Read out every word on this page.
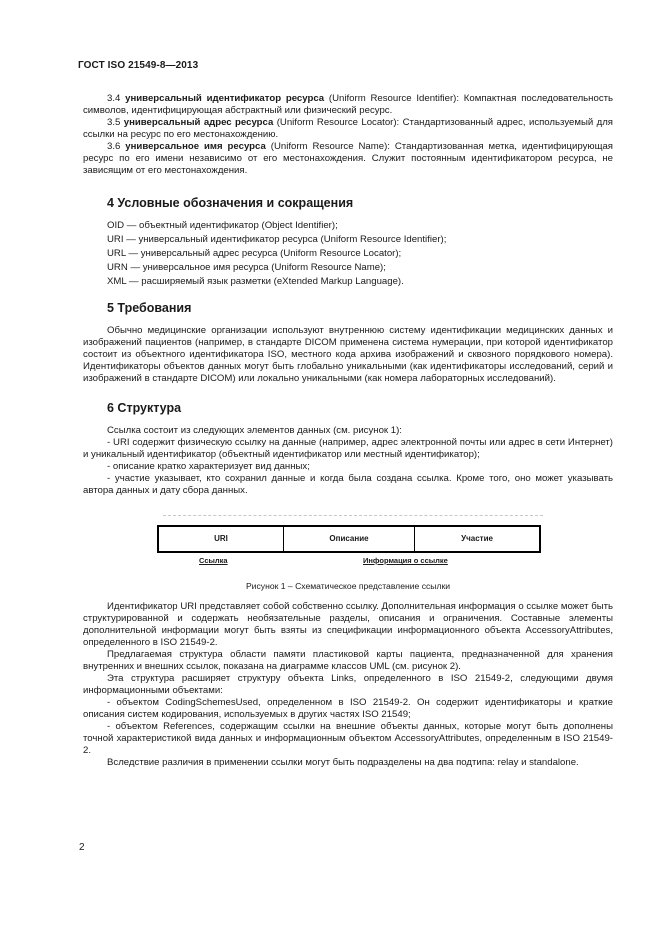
ГОСТ ISO 21549-8—2013

3.4 универсальный идентификатор ресурса (Uniform Resource Identifier): Компактная последовательность символов, идентифицирующая абстрактный или физический ресурс.

3.5 универсальный адрес ресурса (Uniform Resource Locator): Стандартизованный адрес, используемый для ссылки на ресурс по его местонахождению.

3.6 универсальное имя ресурса (Uniform Resource Name): Стандартизованная метка, идентифицирующая ресурс по его имени независимо от его местонахождения. Служит постоянным идентификатором ресурса, не зависящим от его местонахождения.

4 Условные обозначения и сокращения

OID — объектный идентификатор (Object Identifier);

URI — универсальный идентификатор ресурса (Uniform Resource Identifier);

URL — универсальный адрес ресурса (Uniform Resource Locator);

URN — универсальное имя ресурса (Uniform Resource Name);

XML — расширяемый язык разметки (eXtended Markup Language).

5 Требования

Обычно медицинские организации используют внутреннюю систему идентификации медицинских данных и изображений пациентов (например, в стандарте DICOM применена система нумерации, при которой идентификатор состоит из объектного идентификатора ISO, местного кода архива изображений и сквозного порядкового номера). Идентификаторы объектов данных могут быть глобально уникальными (как идентификаторы исследований, серий и изображений в стандарте DICOM) или локально уникальными (как номера лабораторных исследований).

6 Структура

Ссылка состоит из следующих элементов данных (см. рисунок 1):

- URI содержит физическую ссылку на данные (например, адрес электронной почты или адрес в сети Интернет) и уникальный идентификатор (объектный идентификатор или местный идентификатор);

- описание кратко характеризует вид данных;

- участие указывает, кто сохранил данные и когда была создана ссылка. Кроме того, оно может указывать автора данных и дату сбора данных.

URI	Описание	Участие
Ссылка	Информация о ссылке
Рисунок 1 – Схематическое представление ссылки

Идентификатор URI представляет собой собственно ссылку. Дополнительная информация о ссылке может быть структурированной и содержать необязательные разделы, описания и ограничения. Составные элементы дополнительной информации могут быть взяты из спецификации информационного объекта AccessoryAttributes, определенного в ISO 21549-2.

Предлагаемая структура области памяти пластиковой карты пациента, предназначенной для хранения внутренних и внешних ссылок, показана на диаграмме классов UML (см. рисунок 2).

Эта структура расширяет структуру объекта Links, определенного в ISO 21549-2, следующими двумя информационными объектами:

- объектом CodingSchemesUsed, определенном в ISO 21549-2. Он содержит идентификаторы и краткие описания систем кодирования, используемых в других частях ISO 21549;

- объектом References, содержащим ссылки на внешние объекты данных, которые могут быть дополнены точной характеристикой вида данных и информационным объектом AccessoryAttributes, определенным в ISO 21549-2.

Вследствие различия в применении ссылки могут быть подразделены на два подтипа: relay и standalone.

2
